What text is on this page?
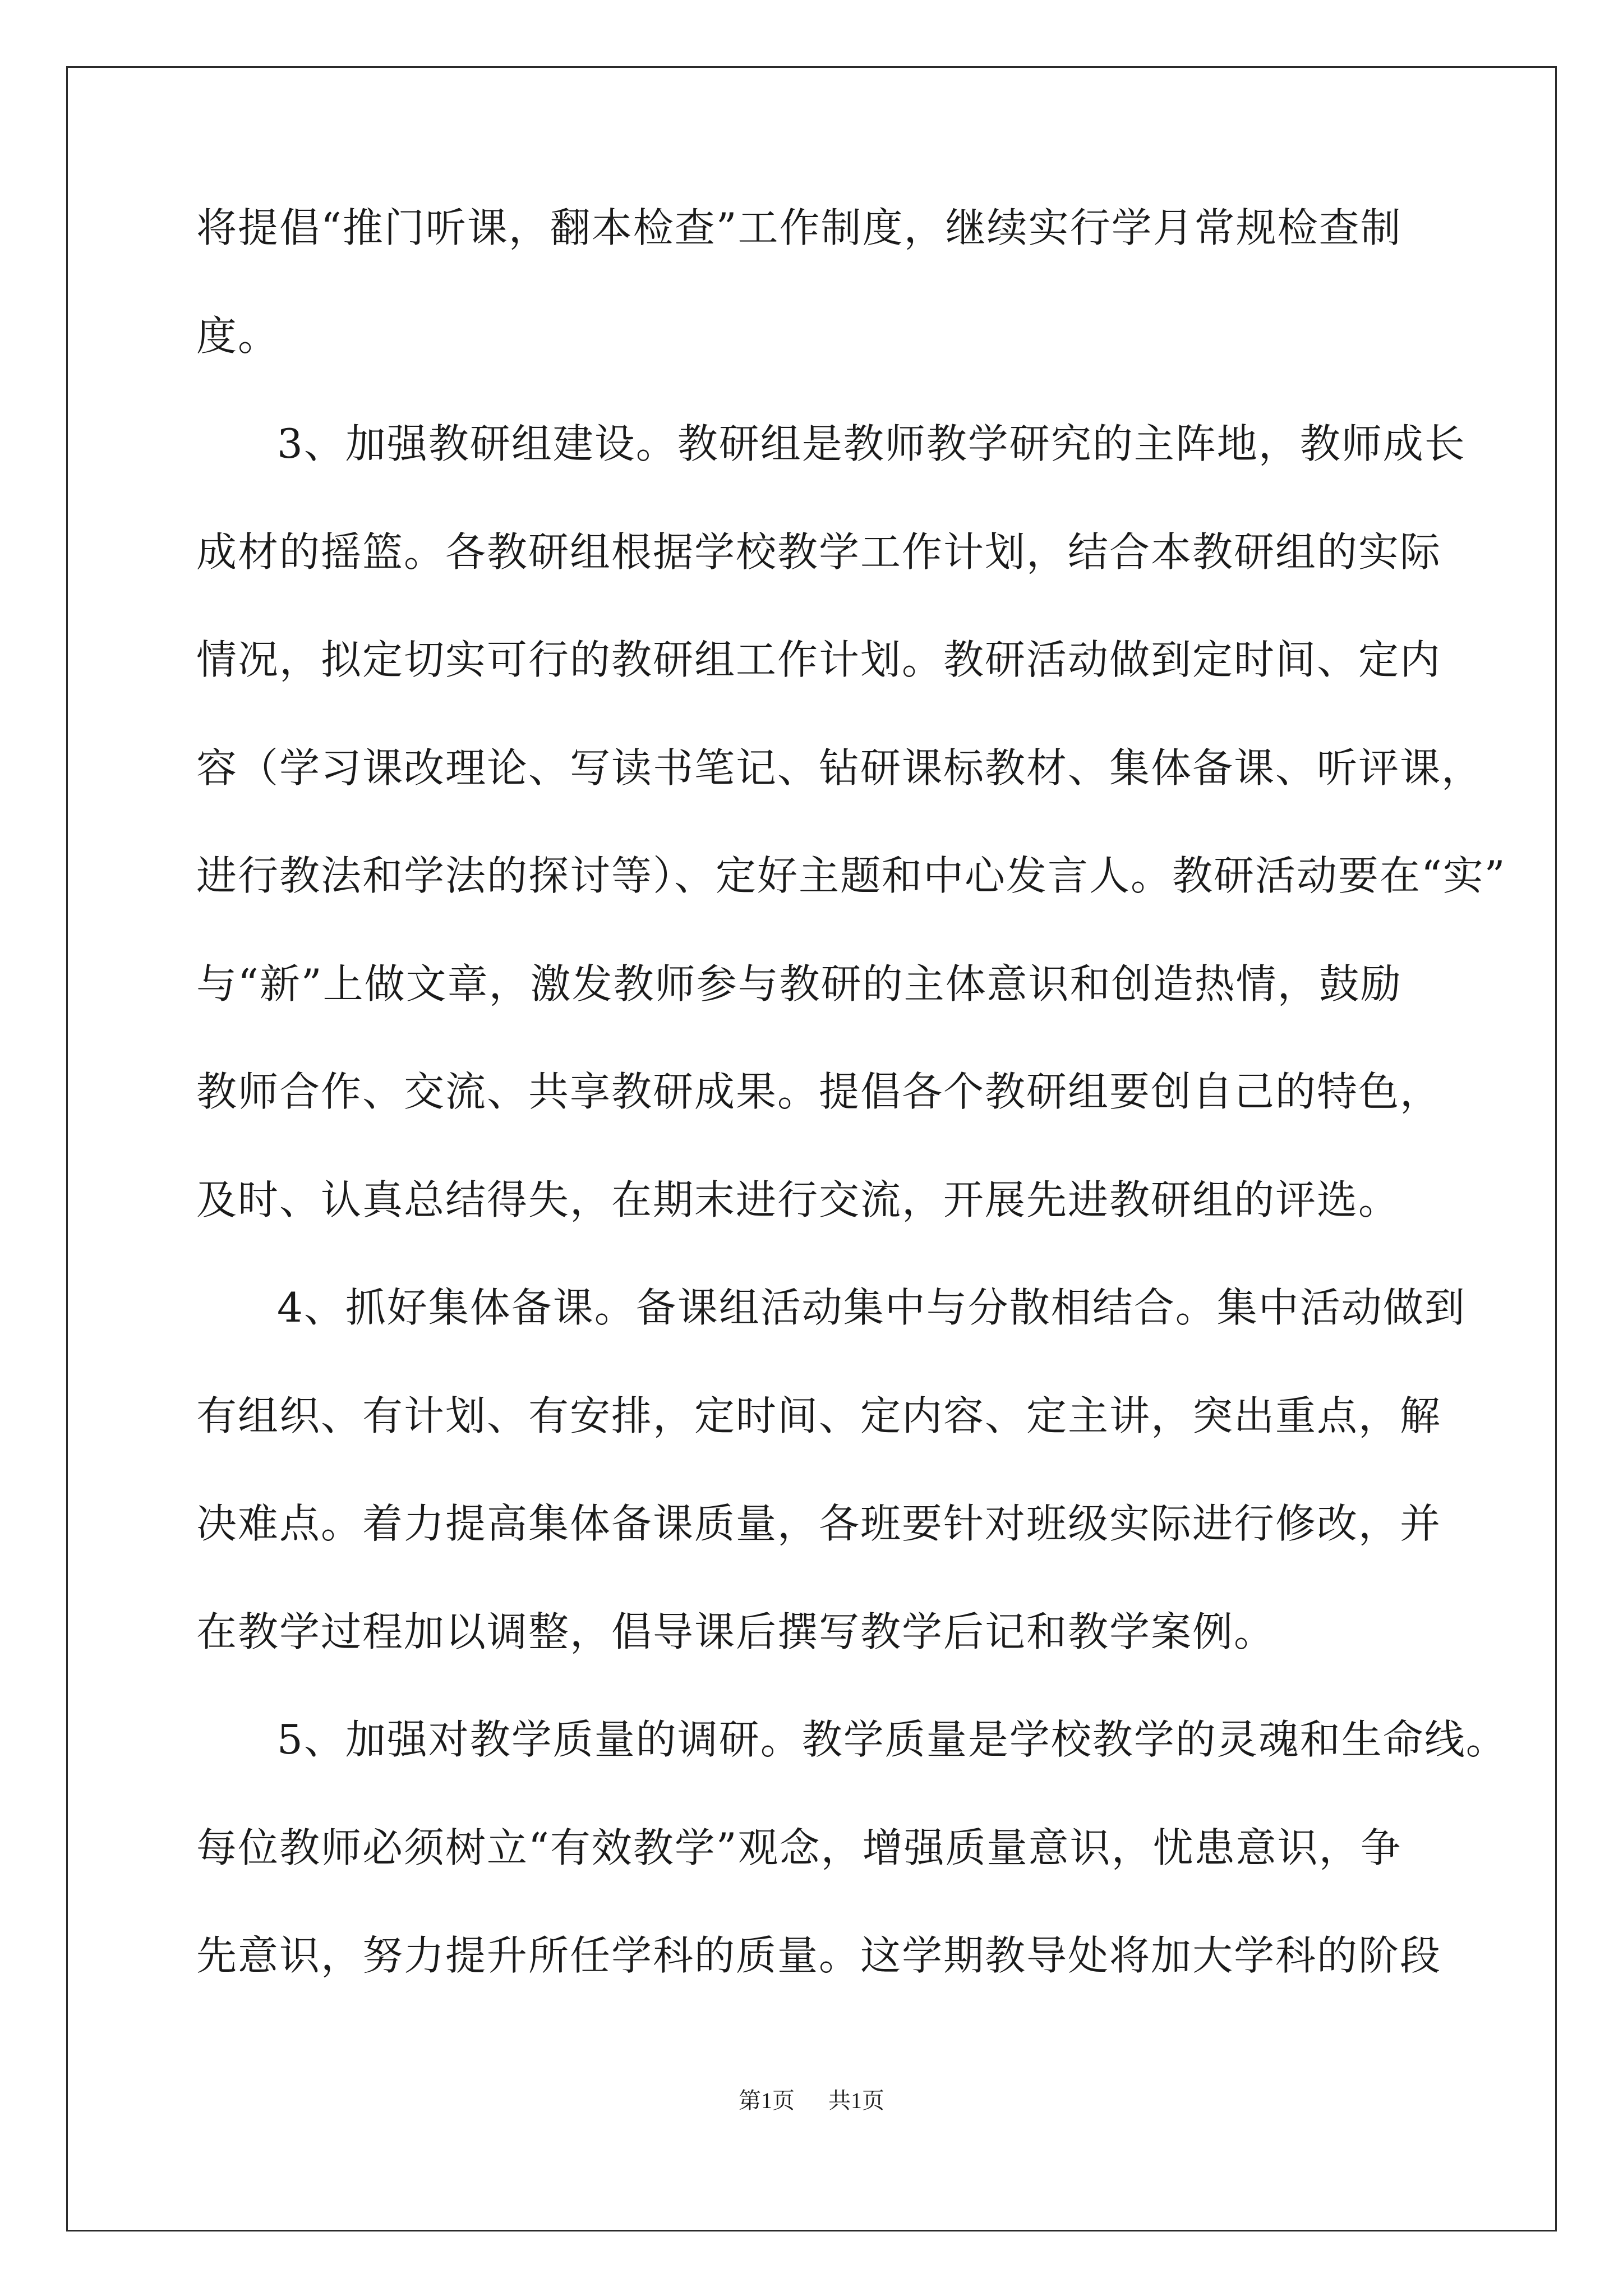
将提倡“推门听课，翻本检查”工作制度，继续实行学月常规检查制
度。
3、加强教研组建设。教研组是教师教学研究的主阵地，教师成长
成材的摇篮。各教研组根据学校教学工作计划，结合本教研组的实际
情况，拟定切实可行的教研组工作计划。教研活动做到定时间、定内
容（学习课改理论、写读书笔记、钻研课标教材、集体备课、听评课，
进行教法和学法的探讨等）、定好主题和中心发言人。教研活动要在“实”
与“新”上做文章，激发教师参与教研的主体意识和创造热情，鼓励
教师合作、交流、共享教研成果。提倡各个教研组要创自己的特色，
及时、认真总结得失，在期末进行交流，开展先进教研组的评选。
4、抓好集体备课。备课组活动集中与分散相结合。集中活动做到
有组织、有计划、有安排，定时间、定内容、定主讲，突出重点，解
决难点。着力提高集体备课质量，各班要针对班级实际进行修改，并
在教学过程加以调整，倡导课后撰写教学后记和教学案例。
5、加强对教学质量的调研。教学质量是学校教学的灵魂和生命线。
每位教师必须树立“有效教学”观念，增强质量意识，忧患意识，争
先意识，努力提升所任学科的质量。这学期教导处将加大学科的阶段
第1页 共1页
